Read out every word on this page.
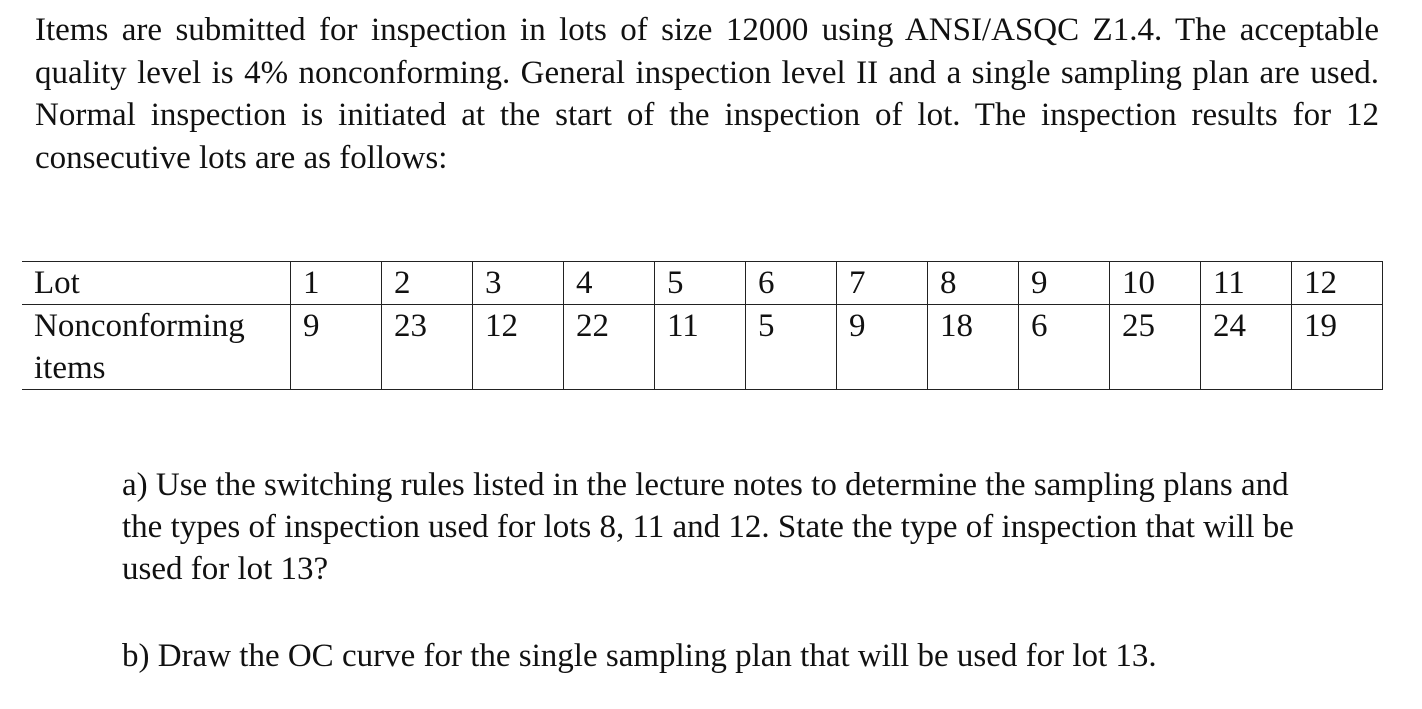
Items are submitted for inspection in lots of size 12000 using ANSI/ASQC Z1.4. The acceptable quality level is 4% nonconforming. General inspection level II and a single sampling plan are used. Normal inspection is initiated at the start of the inspection of lot. The inspection results for 12 consecutive lots are as follows:

Lot	1	2	3	4	5	6	7	8	9	10	11	12
Nonconforming items	9	23	12	22	11	5	9	18	6	25	24	19

a) Use the switching rules listed in the lecture notes to determine the sampling plans and the types of inspection used for lots 8, 11 and 12. State the type of inspection that will be used for lot 13?

b) Draw the OC curve for the single sampling plan that will be used for lot 13.
